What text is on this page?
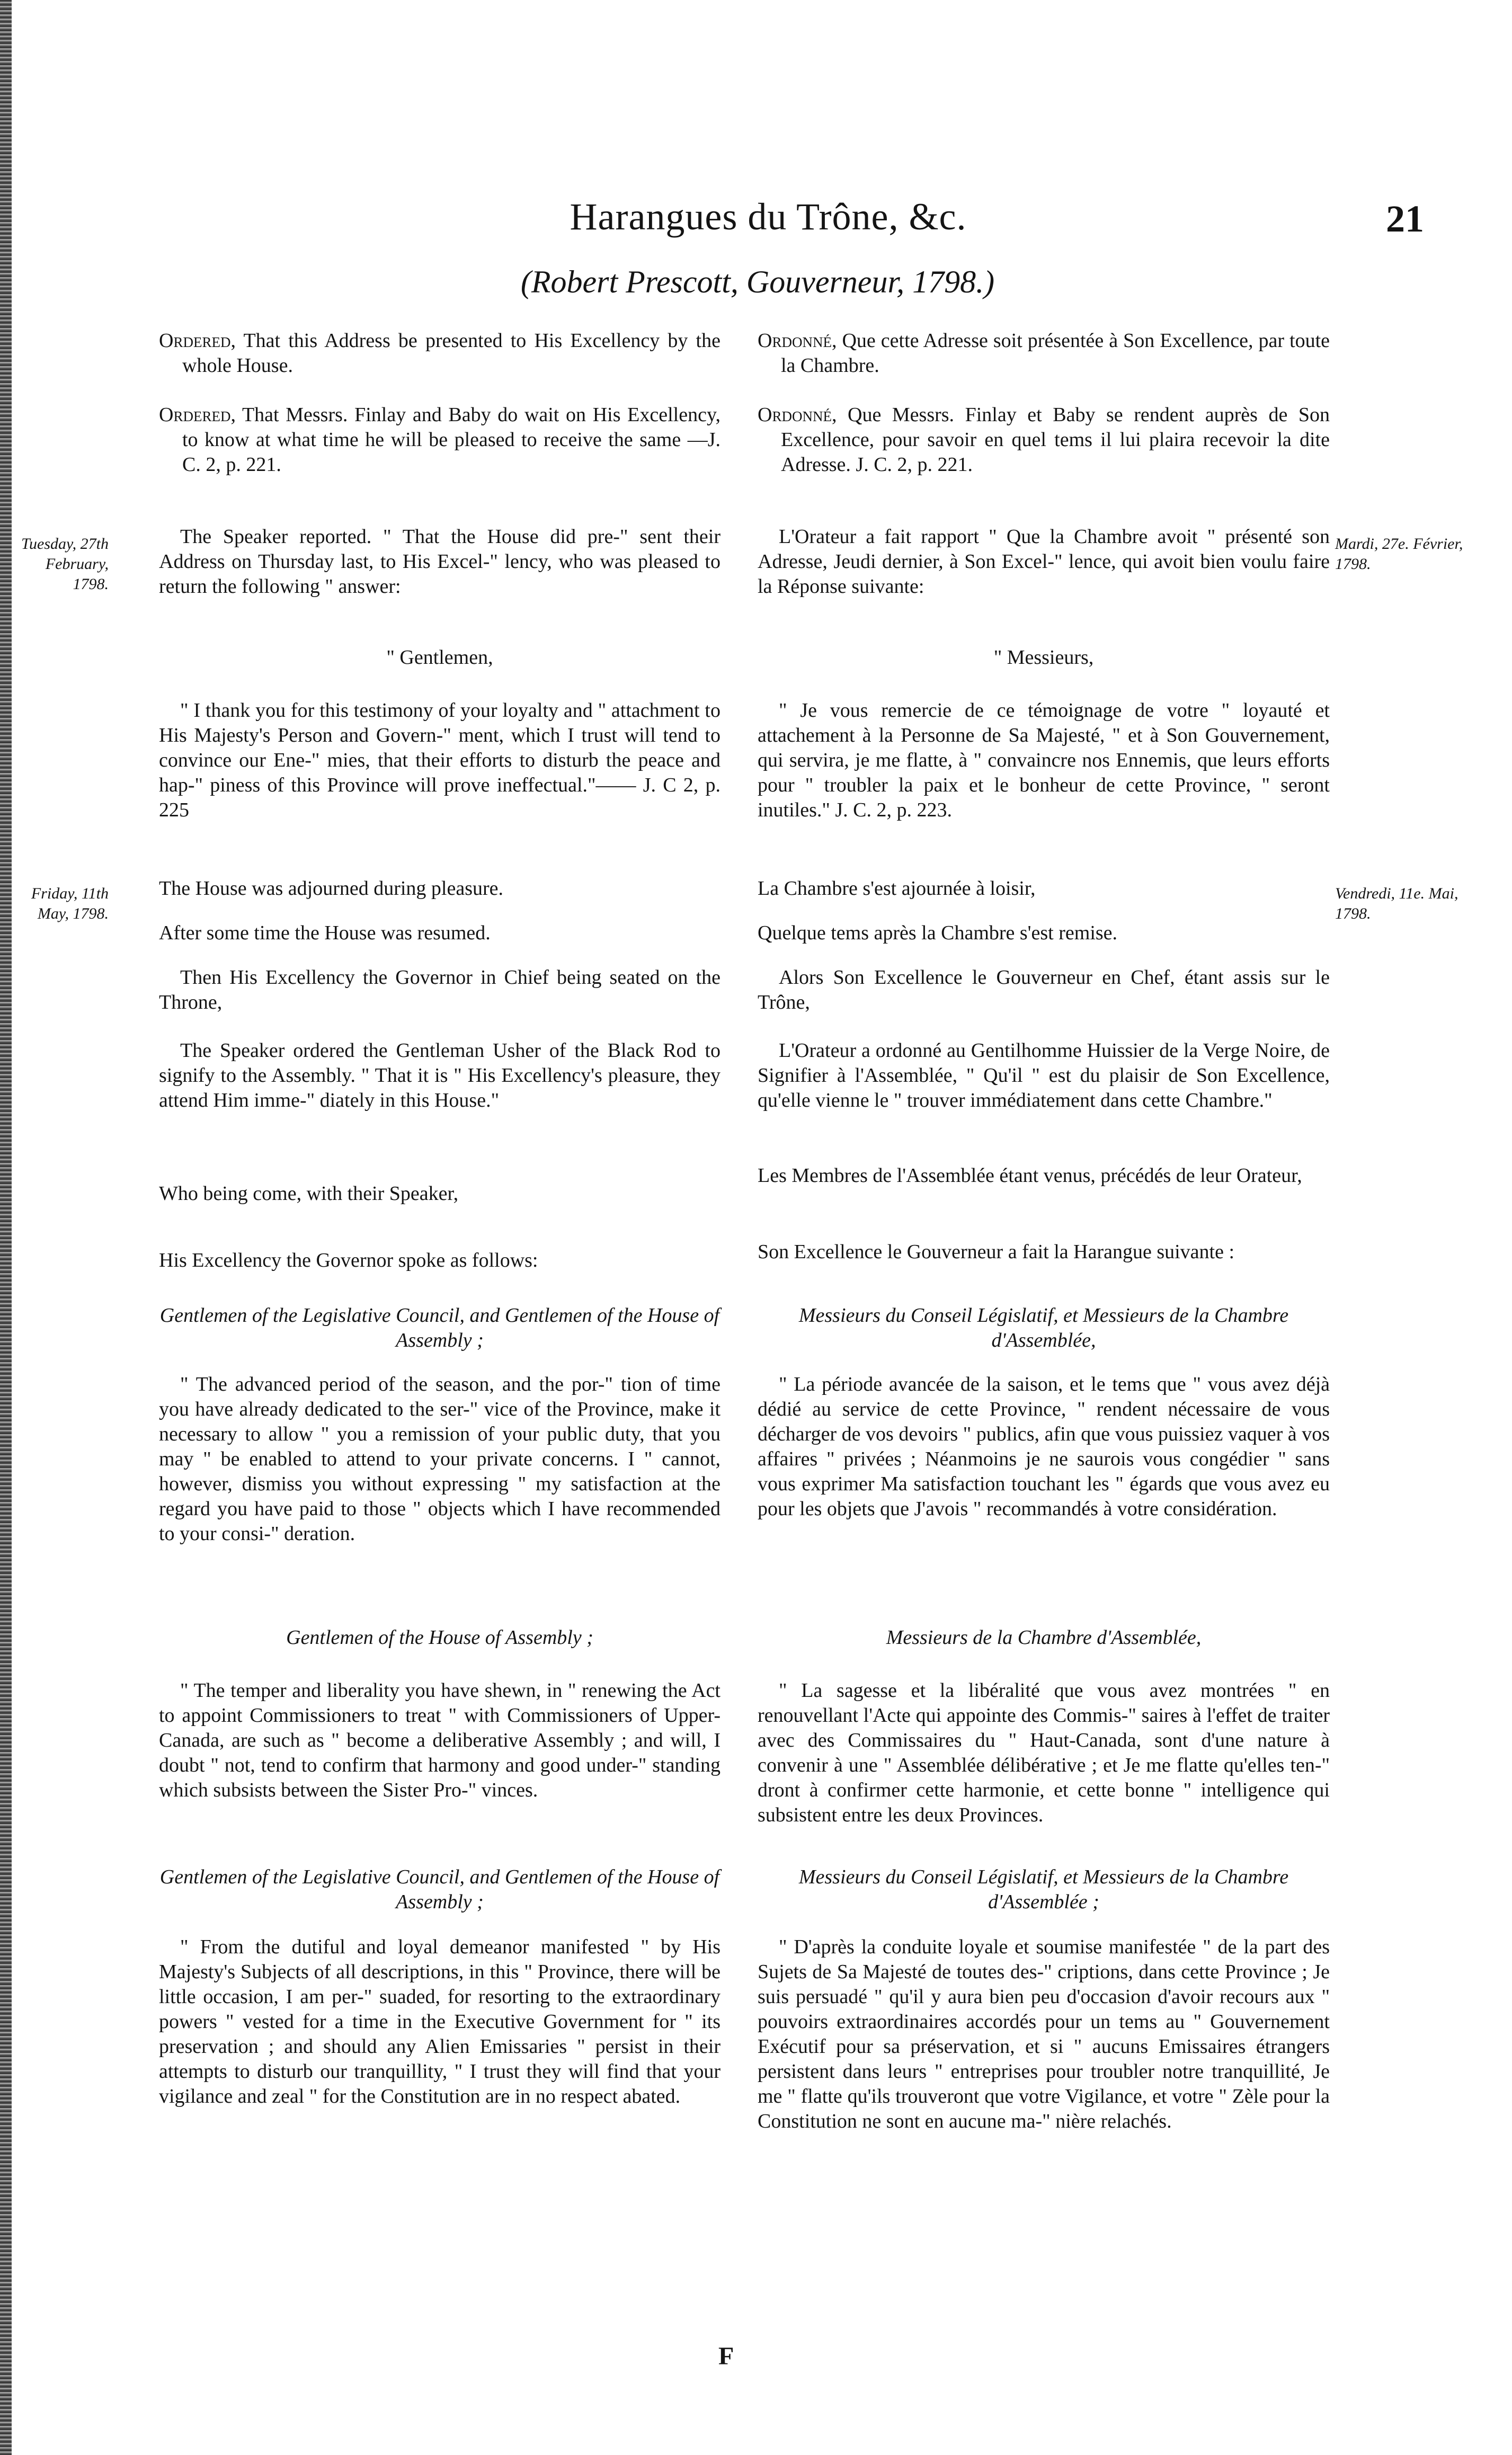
Harangues du Trône, &c.	21
(Robert Prescott, Gouverneur, 1798.)
Tuesday, 27th February, 1798.
Mardi, 27e. Février, 1798.
Friday, 11th May, 1798.
Vendredi, 11e. Mai, 1798.

Ordered, That this Address be presented to His Excellency by the whole House.

Ordered, That Messrs. Finlay and Baby do wait on His Excellency, to know at what time he will be pleased to receive the same —J. C. 2, p. 221.

The Speaker reported. " That the House did pre-" sent their Address on Thursday last, to His Excel-" lency, who was pleased to return the following " answer:

" Gentlemen,

" I thank you for this testimony of your loyalty and " attachment to His Majesty's Person and Govern-" ment, which I trust will tend to convince our Ene-" mies, that their efforts to disturb the peace and hap-" piness of this Province will prove ineffectual."—— J. C 2, p. 225

The House was adjourned during pleasure.
After some time the House was resumed.

Then His Excellency the Governor in Chief being seated on the Throne,

The Speaker ordered the Gentleman Usher of the Black Rod to signify to the Assembly. " That it is " His Excellency's pleasure, they attend Him imme-" diately in this House."

Who being come, with their Speaker,
His Excellency the Governor spoke as follows:
Gentlemen of the Legislative Council, and Gentlemen of the House of Assembly ;

" The advanced period of the season, and the por-" tion of time you have already dedicated to the ser-" vice of the Province, make it necessary to allow " you a remission of your public duty, that you may " be enabled to attend to your private concerns. I " cannot, however, dismiss you without expressing " my satisfaction at the regard you have paid to those " objects which I have recommended to your consi-" deration.

Gentlemen of the House of Assembly ;

" The temper and liberality you have shewn, in " renewing the Act to appoint Commissioners to treat " with Commissioners of Upper-Canada, are such as " become a deliberative Assembly ; and will, I doubt " not, tend to confirm that harmony and good under-" standing which subsists between the Sister Pro-" vinces.

Gentlemen of the Legislative Council, and Gentlemen of the House of Assembly ;

" From the dutiful and loyal demeanor manifested " by His Majesty's Subjects of all descriptions, in this " Province, there will be little occasion, I am per-" suaded, for resorting to the extraordinary powers " vested for a time in the Executive Government for " its preservation ; and should any Alien Emissaries " persist in their attempts to disturb our tranquillity, " I trust they will find that your vigilance and zeal " for the Constitution are in no respect abated.

Ordonné, Que cette Adresse soit présentée à Son Excellence, par toute la Chambre.

Ordonné, Que Messrs. Finlay et Baby se rendent auprès de Son Excellence, pour savoir en quel tems il lui plaira recevoir la dite Adresse. J. C. 2, p. 221.

L'Orateur a fait rapport " Que la Chambre avoit " présenté son Adresse, Jeudi dernier, à Son Excel-" lence, qui avoit bien voulu faire la Réponse suivante:

" Messieurs,

" Je vous remercie de ce témoignage de votre " loyauté et attachement à la Personne de Sa Majesté, " et à Son Gouvernement, qui servira, je me flatte, à " convaincre nos Ennemis, que leurs efforts pour " troubler la paix et le bonheur de cette Province, " seront inutiles." J. C. 2, p. 223.

La Chambre s'est ajournée à loisir,
Quelque tems après la Chambre s'est remise.

Alors Son Excellence le Gouverneur en Chef, étant assis sur le Trône,

L'Orateur a ordonné au Gentilhomme Huissier de la Verge Noire, de Signifier à l'Assemblée, " Qu'il " est du plaisir de Son Excellence, qu'elle vienne le " trouver immédiatement dans cette Chambre."

Les Membres de l'Assemblée étant venus, précédés de leur Orateur,
Son Excellence le Gouverneur a fait la Harangue suivante :
Messieurs du Conseil Législatif, et Messieurs de la Chambre d'Assemblée,

" La période avancée de la saison, et le tems que " vous avez déjà dédié au service de cette Province, " rendent nécessaire de vous décharger de vos devoirs " publics, afin que vous puissiez vaquer à vos affaires " privées ; Néanmoins je ne saurois vous congédier " sans vous exprimer Ma satisfaction touchant les " égards que vous avez eu pour les objets que J'avois " recommandés à votre considération.

Messieurs de la Chambre d'Assemblée,

" La sagesse et la libéralité que vous avez montrées " en renouvellant l'Acte qui appointe des Commis-" saires à l'effet de traiter avec des Commissaires du " Haut-Canada, sont d'une nature à convenir à une " Assemblée délibérative ; et Je me flatte qu'elles ten-" dront à confirmer cette harmonie, et cette bonne " intelligence qui subsistent entre les deux Provinces.

Messieurs du Conseil Législatif, et Messieurs de la Chambre d'Assemblée ;

" D'après la conduite loyale et soumise manifestée " de la part des Sujets de Sa Majesté de toutes des-" criptions, dans cette Province ; Je suis persuadé " qu'il y aura bien peu d'occasion d'avoir recours aux " pouvoirs extraordinaires accordés pour un tems au " Gouvernement Exécutif pour sa préservation, et si " aucuns Emissaires étrangers persistent dans leurs " entreprises pour troubler notre tranquillité, Je me " flatte qu'ils trouveront que votre Vigilance, et votre " Zèle pour la Constitution ne sont en aucune ma-" nière relachés.

F
